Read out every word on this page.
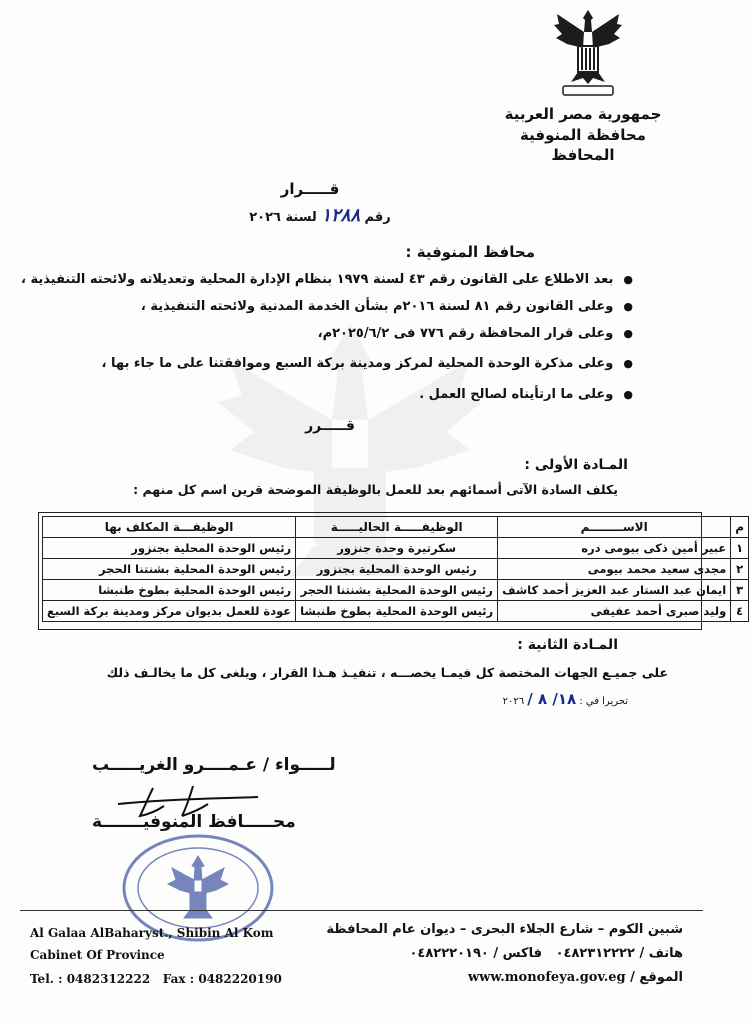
جمهورية مصر العربية
محافظة المنوفية
المحافظ
قـــــرار
رقم ١٢٨٨ لسنة ٢٠٢٦
محافظ المنوفية :
●بعد الاطلاع على القانون رقم ٤٣ لسنة ١٩٧٩ بنظام الإدارة المحلية وتعديلاته ولائحته التنفيذية ،
●وعلى القانون رقم ٨١ لسنة ٢٠١٦م بشأن الخدمة المدنية ولائحته التنفيذية ،
●وعلى قرار المحافظة رقم ٧٧٦ فى ٢٠٢٥/٦/٢م،
●وعلى مذكرة الوحدة المحلية لمركز ومدينة بركة السبع وموافقتنا على ما جاء بها ،
●وعلى ما ارتأيناه لصالح العمل .
قـــــرر
المـادة الأولى :
يكلف السادة الآتى أسمائهم بعد للعمل بالوظيفة الموضحة قرين اسم كل منهم :
م	الاســــــــم	الوظيفـــــة الحاليـــــة	الوظيفـــة المكلف بها
١	عبير أمين ذكى بيومى دره	سكرتيرة وحدة جنزور	رئيس الوحدة المحلية بجنزور
٢	مجدى سعيد محمد بيومى	رئيس الوحدة المحلية بجنزور	رئيس الوحدة المحلية بشنتنا الحجر
٣	ايمان عبد الستار عبد العزيز أحمد كاشف	رئيس الوحدة المحلية بشنتنا الحجر	رئيس الوحدة المحلية بطوخ طنبشا
٤	وليد صبرى أحمد عفيفى	رئيس الوحدة المحلية بطوخ طنبشا	عودة للعمل بديوان مركز ومدينة بركة السبع
المـادة الثانية :
على جميـع الجهات المختصة كل فيمـا يخصـــه ، تنفيـذ هـذا القرار ، ويلغى كل ما يخالـف ذلك
تحريرا في : ١٨/ ٨ / ٢٠٢٦
لـــــواء / عـمــــرو الغريـــــب
محـــــافظ المنوفيـــــــة
Al Galaa AlBaharyst., Shibin Al Kom
Cabinet Of Province
Tel. : 0482312222   Fax : 0482220190
شبين الكوم – شارع الجلاء البحرى – ديوان عام المحافظة
هاتف / ٠٤٨٢٣١٢٢٢٢   فاكس / ٠٤٨٢٢٢٠١٩٠
الموقع / www.monofeya.gov.eg
